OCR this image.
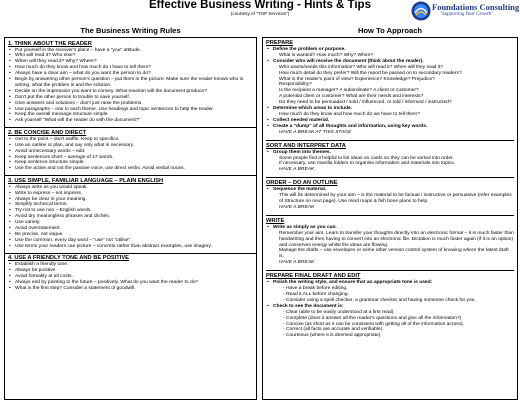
Effective Business Writing - Hints & Tips
(courtesy of "TOP Services")
Foundations Consulting
"Supporting Your Growth"
The Business Writing Rules	How To Approach
1. THINK ABOUT THE READER
• Put yourself in the receiver's place – have a "you" attitude.
• Who will read it? Who else?
• When will they read it? Why? Where?
• How much do they know and how much do I have to tell them?
• Always have a clear aim – what do you want the person to do?
• Begin by answering other person's question – put them in the picture. Make sure the reader knows who is writing, what the problem is and the solution.
• Decide on the impression you want to convey. What reaction will the document produce?
• Don't put the other person to trouble to save yourself.
• Give answers and solutions – don't just raise the problems.
• Use paragraphs – one to each theme. Use headings and topic sentences to help the reader.
• Keep the overall message structure simple.
• Ask yourself "What will the reader do with the document?"
2. BE CONCISE AND DIRECT
• Get to the point – don't waffle. Keep to specifics.
• Use an outline or plan, and say only what is necessary.
• Avoid unnecessary words – edit.
• Keep sentences short – average of 17 words.
• Keep sentence structure simple.
• Use the active and not the passive voice, use direct verbs. Avoid verbal nouns.
3. USE SIMPLE, FAMILIAR LANGUAGE – PLAIN ENGLISH
• Always write as you would speak.
• Write to express – not impress.
• Always be clear in your meaning.
• Simplify technical terms.
• Try not to use non – English words.
• Avoid dry meaningless phrases and clichés.
• Use variety.
• Avoid overstatement.
• Be precise, not vague.
• Use the common, every day word – "use" not "utilise".
• Use terms your readers can picture – concrete rather than abstract examples, use imagery.
4. USE A FRIENDLY TONE AND BE POSITIVE
• Establish a friendly tone.
• Always be positive.
• Avoid formality at all costs.
• Always end by pointing to the future – positively. What do you want the reader to do?
• What is the first step? Consider a statement of goodwill.
PREPARE
• Define the problem or purpose.
What is wanted? How much? Why? When?
• Consider who will receive the document (think about the reader).
Who wants/needs this information? Who will read it? When will they read it?
How much detail do they prefer? Will the report be passed on to secondary readers?
What is the reader's point of view? Experience? Knowledge? Prejudice?
Responsibility?
Is the recipient a manager? A subordinate? A client or customer?
A potential client or customer? What are their needs and interests?
Do they need to be persuaded / sold / influenced, or told / informed / instructed?
• Determine which areas to include.
How much do they know and how much do we have to tell them?
• Collect needed material.
• Create a "dump" of all thoughts and information, using key words.
HAVE A BREAK AT THIS STAGE
SORT AND INTERPRET DATA
• Group them into themes.
Some people find it helpful to list ideas on cards so they can be sorted into order.
If necessary, use manilla folders to organise information and materials into topics.
HAVE A BREAK
ORDER – DO AN OUTLINE
• Sequence the material.
This will be determined by your aim – is the material to be factual / instructive or persuasive (refer examples of Structure on next page). Use mind maps & fish bone plans to help.
HAVE A BREAK
WRITE
• Write as simply as you can.
Remember your aim. Learn to transfer your thoughts directly into an electronic format – it is much faster than handwriting and then having to convert into an electronic file. Dictation is much faster again (if it is an option) and conserves energy whilst the ideas are flowing.
Manage the drafts – use envelopes or some other version control system of knowing where the latest draft is.
HAVE A BREAK
PREPARE FINAL DRAFT AND EDIT
• Polish the writing style, and ensure that an appropriate tone is used:
- Have a break before editing.
- Read it ALL before changing.
- Consider using a spell checker, a grammar checker and having someone check for you.
• Check to see the document is:
- Clear (able to be easily understood at a first read).
- Complete (does it answer all the reader's questions and give all the information?)
- Concise (as short as it can be consistent with getting all of the information across).
- Correct (all facts are accurate and verifiable).
- Courteous (where it is deemed appropriate).
